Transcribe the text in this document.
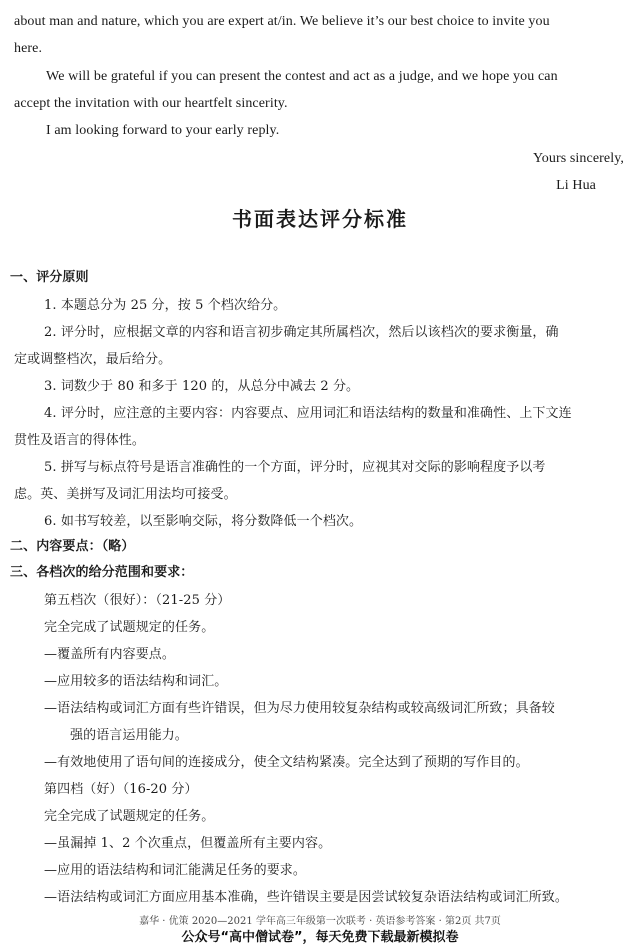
about man and nature, which you are expert at/in. We believe it’s our best choice to invite you
here.
We will be grateful if you can present the contest and act as a judge, and we hope you can
accept the invitation with our heartfelt sincerity.
I am looking forward to your early reply.
Yours sincerely,
Li Hua
书面表达评分标准
一、评分原则
1. 本题总分为 25 分，按 5 个档次给分。
2. 评分时，应根据文章的内容和语言初步确定其所属档次，然后以该档次的要求衡量，确
定或调整档次，最后给分。
3. 词数少于 80 和多于 120 的，从总分中减去 2 分。
4. 评分时，应注意的主要内容：内容要点、应用词汇和语法结构的数量和准确性、上下文连
贯性及语言的得体性。
5. 拼写与标点符号是语言准确性的一个方面，评分时，应视其对交际的影响程度予以考
虑。英、美拼写及词汇用法均可接受。
6. 如书写较差，以至影响交际，将分数降低一个档次。
二、内容要点：（略）
三、各档次的给分范围和要求：
第五档次（很好）：（21-25 分）
完全完成了试题规定的任务。
—覆盖所有内容要点。
—应用较多的语法结构和词汇。
—语法结构或词汇方面有些许错误，但为尽力使用较复杂结构或较高级词汇所致；具备较
强的语言运用能力。
—有效地使用了语句间的连接成分，使全文结构紧凑。完全达到了预期的写作目的。
第四档（好）（16-20 分）
完全完成了试题规定的任务。
—虽漏掉 1、2 个次重点，但覆盖所有主要内容。
—应用的语法结构和词汇能满足任务的要求。
—语法结构或词汇方面应用基本准确，些许错误主要是因尝试较复杂语法结构或词汇所致。
嘉华 · 优策 2020—2021 学年高三年级第一次联考 · 英语参考答案 · 第2页 共7页
公众号“高中僧试卷”，每天免费下载最新模拟卷
